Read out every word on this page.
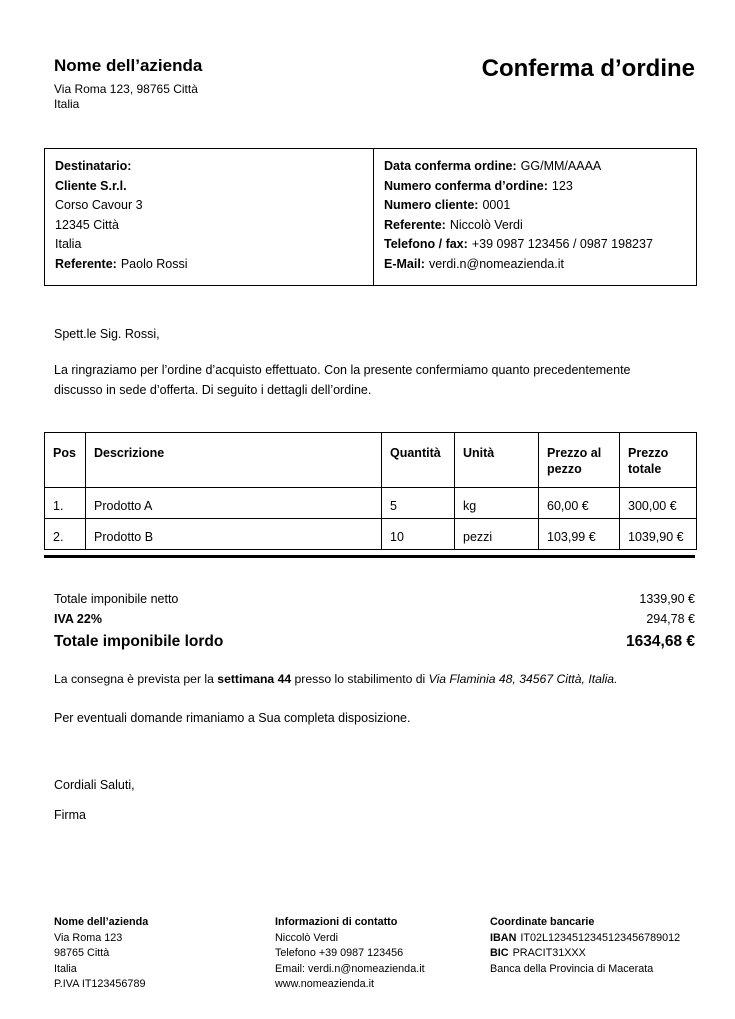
Nome dell’azienda
Via Roma 123, 98765 Città
Italia
Conferma d’ordine
Destinatario:
Cliente S.r.l.
Corso Cavour 3
12345 Città
Italia
Referente: Paolo Rossi
Data conferma ordine: GG/MM/AAAA
Numero conferma d’ordine: 123
Numero cliente: 0001
Referente: Niccolò Verdi
Telefono / fax: +39 0987 123456 / 0987 198237
E-Mail: verdi.n@nomeazienda.it
Spett.le Sig. Rossi,
La ringraziamo per l’ordine d’acquisto effettuato. Con la presente confermiamo quanto precedentemente discusso in sede d’offerta. Di seguito i dettagli dell’ordine.
Pos	Descrizione	Quantità	Unità	Prezzo al pezzo	Prezzo totale
1.	Prodotto A	5	kg	60,00 €	300,00 €
2.	Prodotto B	10	pezzi	103,99 €	1039,90 €
Totale imponibile netto	1339,90 €
IVA 22%	294,78 €
Totale imponibile lordo	1634,68 €
La consegna è prevista per la settimana 44 presso lo stabilimento di Via Flaminia 48, 34567 Città, Italia.
Per eventuali domande rimaniamo a Sua completa disposizione.
Cordiali Saluti,
Firma
Nome dell’azienda
Via Roma 123
98765 Città
Italia
P.IVA IT123456789
Informazioni di contatto
Niccolò Verdi
Telefono +39 0987 123456
Email: verdi.n@nomeazienda.it
www.nomeazienda.it
Coordinate bancarie
IBAN IT02L1234512345123456789012
BIC PRACIT31XXX
Banca della Provincia di Macerata
